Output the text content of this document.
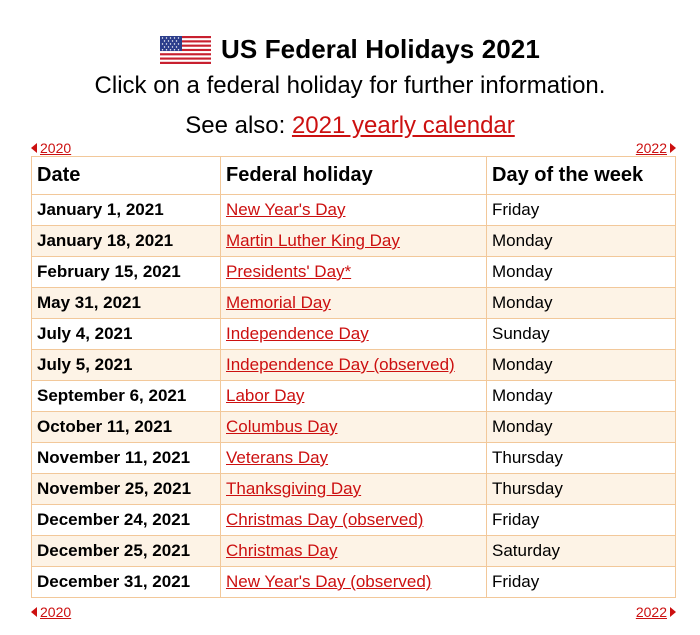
US Federal Holidays 2021
Click on a federal holiday for further information.
See also: 2021 yearly calendar
2020	2022
Date	Federal holiday	Day of the week
January 1, 2021	New Year's Day	Friday
January 18, 2021	Martin Luther King Day	Monday
February 15, 2021	Presidents' Day*	Monday
May 31, 2021	Memorial Day	Monday
July 4, 2021	Independence Day	Sunday
July 5, 2021	Independence Day (observed)	Monday
September 6, 2021	Labor Day	Monday
October 11, 2021	Columbus Day	Monday
November 11, 2021	Veterans Day	Thursday
November 25, 2021	Thanksgiving Day	Thursday
December 24, 2021	Christmas Day (observed)	Friday
December 25, 2021	Christmas Day	Saturday
December 31, 2021	New Year's Day (observed)	Friday
2020	2022
